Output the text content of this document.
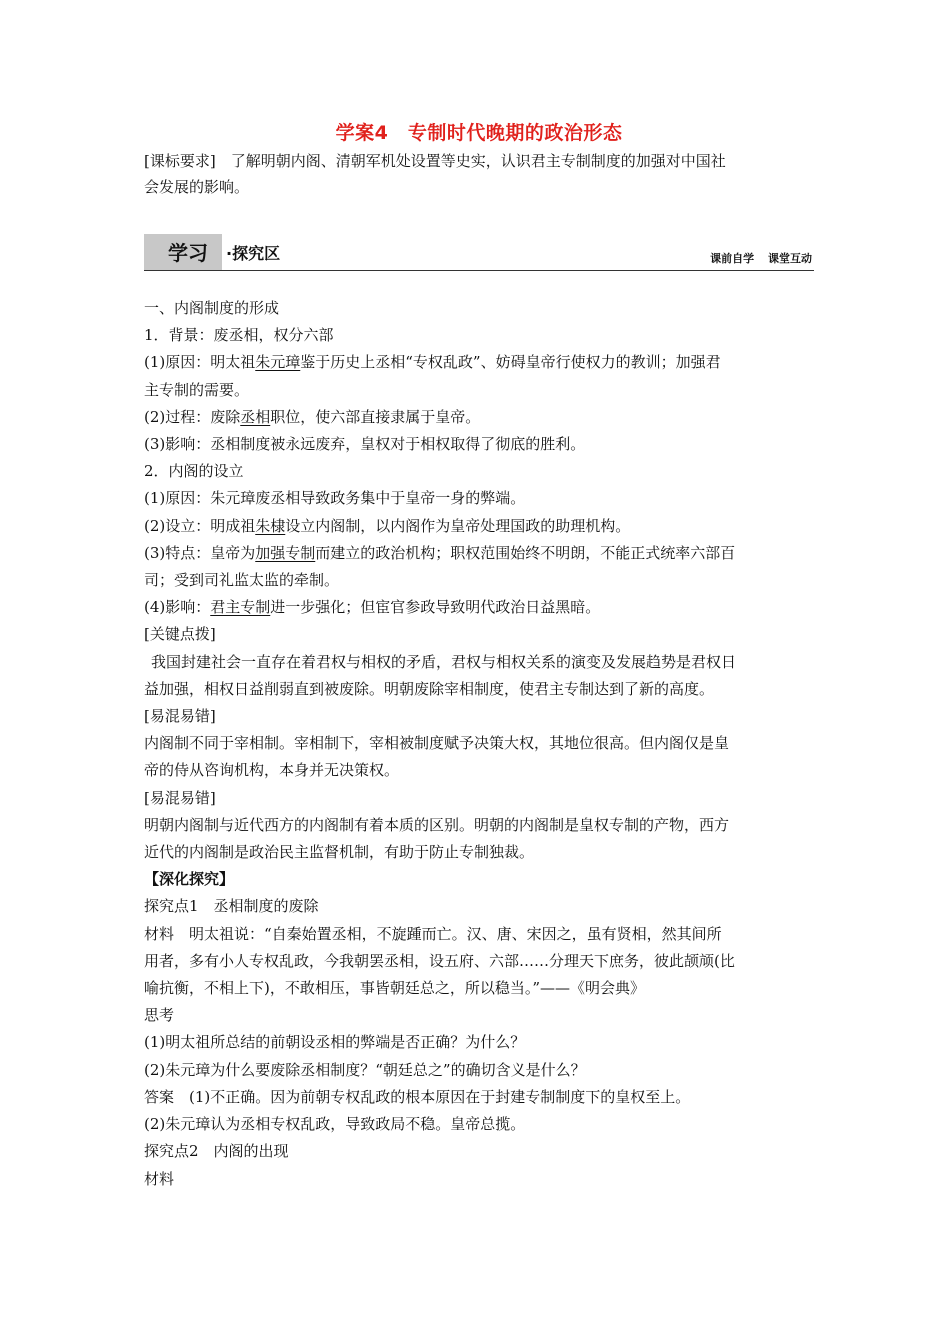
学案4　专制时代晚期的政治形态
[课标要求]　了解明朝内阁、清朝军机处设置等史实，认识君主专制制度的加强对中国社
会发展的影响。
学习 ·探究区	课前自学 课堂互动
一、内阁制度的形成
1．背景：废丞相，权分六部
(1)原因：明太祖朱元璋鉴于历史上丞相“专权乱政”、妨碍皇帝行使权力的教训；加强君
主专制的需要。
(2)过程：废除丞相职位，使六部直接隶属于皇帝。
(3)影响：丞相制度被永远废弃，皇权对于相权取得了彻底的胜利。
2．内阁的设立
(1)原因：朱元璋废丞相导致政务集中于皇帝一身的弊端。
(2)设立：明成祖朱棣设立内阁制，以内阁作为皇帝处理国政的助理机构。
(3)特点：皇帝为加强专制而建立的政治机构；职权范围始终不明朗，不能正式统率六部百
司；受到司礼监太监的牵制。
(4)影响：君主专制进一步强化；但宦官参政导致明代政治日益黑暗。
[关键点拨]
我国封建社会一直存在着君权与相权的矛盾，君权与相权关系的演变及发展趋势是君权日
益加强，相权日益削弱直到被废除。明朝废除宰相制度，使君主专制达到了新的高度。
[易混易错]
内阁制不同于宰相制。宰相制下，宰相被制度赋予决策大权，其地位很高。但内阁仅是皇
帝的侍从咨询机构，本身并无决策权。
[易混易错]
明朝内阁制与近代西方的内阁制有着本质的区别。明朝的内阁制是皇权专制的产物，西方
近代的内阁制是政治民主监督机制，有助于防止专制独裁。
【深化探究】
探究点1　丞相制度的废除
材料　明太祖说：“自秦始置丞相，不旋踵而亡。汉、唐、宋因之，虽有贤相，然其间所
用者，多有小人专权乱政，今我朝罢丞相，设五府、六部……分理天下庶务，彼此颉颃(比
喻抗衡，不相上下)，不敢相压，事皆朝廷总之，所以稳当。”——《明会典》
思考
(1)明太祖所总结的前朝设丞相的弊端是否正确？为什么？
(2)朱元璋为什么要废除丞相制度？“朝廷总之”的确切含义是什么？
答案　(1)不正确。因为前朝专权乱政的根本原因在于封建专制制度下的皇权至上。
(2)朱元璋认为丞相专权乱政，导致政局不稳。皇帝总揽。
探究点2　内阁的出现
材料
